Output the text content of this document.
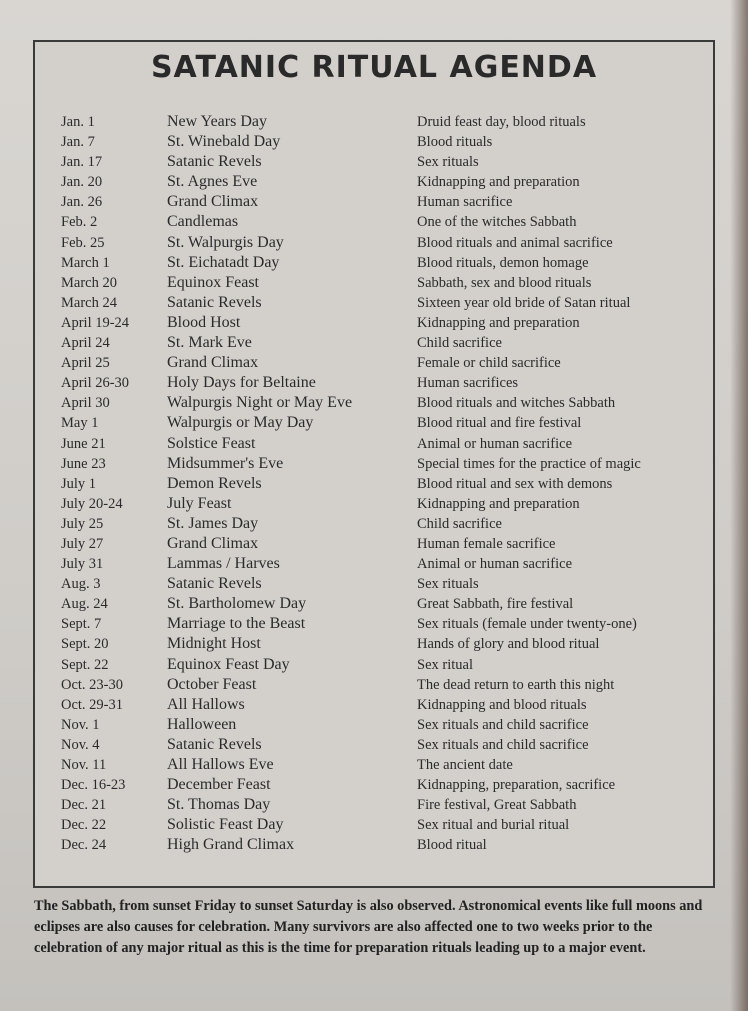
SATANIC RITUAL AGENDA
Jan. 1	New Years Day	Druid feast day, blood rituals
Jan. 7	St. Winebald Day	Blood rituals
Jan. 17	Satanic Revels	Sex rituals
Jan. 20	St. Agnes Eve	Kidnapping and preparation
Jan. 26	Grand Climax	Human sacrifice
Feb. 2	Candlemas	One of the witches Sabbath
Feb. 25	St. Walpurgis Day	Blood rituals and animal sacrifice
March 1	St. Eichatadt Day	Blood rituals, demon homage
March 20	Equinox Feast	Sabbath, sex and blood rituals
March 24	Satanic Revels	Sixteen year old bride of Satan ritual
April 19-24 Blood Host	Kidnapping and preparation
April 24	St. Mark Eve	Child sacrifice
April 25	Grand Climax	Female or child sacrifice
April 26-30 Holy Days for Beltaine	Human sacrifices
April 30	Walpurgis Night or May Eve	Blood rituals and witches Sabbath
May 1	Walpurgis or May Day	Blood ritual and fire festival
June 21	Solstice Feast	Animal or human sacrifice
June 23	Midsummer's Eve	Special times for the practice of magic
July 1	Demon Revels	Blood ritual and sex with demons
July 20-24	July Feast	Kidnapping and preparation
July 25	St. James Day	Child sacrifice
July 27	Grand Climax	Human female sacrifice
July 31	Lammas / Harves	Animal or human sacrifice
Aug. 3	Satanic Revels	Sex rituals
Aug. 24	St. Bartholomew Day	Great Sabbath, fire festival
Sept. 7	Marriage to the Beast	Sex rituals (female under twenty-one)
Sept. 20	Midnight Host	Hands of glory and blood ritual
Sept. 22	Equinox Feast Day	Sex ritual
Oct. 23-30	October Feast	The dead return to earth this night
Oct. 29-31	All Hallows	Kidnapping and blood rituals
Nov. 1	Halloween	Sex rituals and child sacrifice
Nov. 4	Satanic Revels	Sex rituals and child sacrifice
Nov. 11	All Hallows Eve	The ancient date
Dec. 16-23	December Feast	Kidnapping, preparation, sacrifice
Dec. 21	St. Thomas Day	Fire festival, Great Sabbath
Dec. 22	Solistic Feast Day	Sex ritual and burial ritual
Dec. 24	High Grand Climax	Blood ritual

The Sabbath, from sunset Friday to sunset Saturday is also observed. Astronomical events like full moons and eclipses are also causes for celebration. Many survivors are also affected one to two weeks prior to the celebration of any major ritual as this is the time for preparation rituals leading up to a major event.
